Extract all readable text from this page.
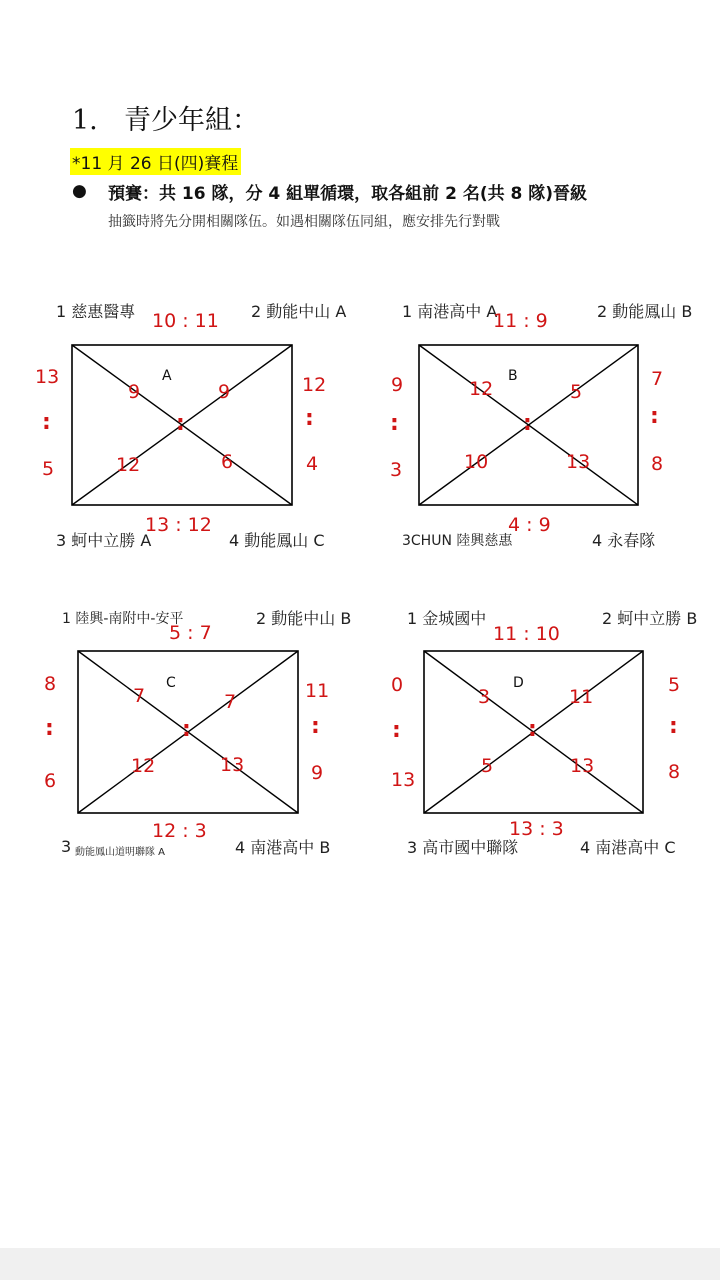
1. 青少年組：
*11 月 26 日(四)賽程
● 預賽：共 16 隊，分 4 組單循環，取各組前 2 名(共 8 隊)晉級
抽籤時將先分開相關隊伍。如遇相關隊伍同組，應安排先行對戰
1 慈惠醫專	2 動能中山 A
3 蚵中立勝 A	4 動能鳳山 C
A
10 : 11
13 : 12
13
:
5
12
:
4
9	9
12	6
:
1 南港高中 A	2 動能鳳山 B
3CHUN 陸興慈惠	4 永春隊
B
11 : 9
4 : 9
9
:
3
7
:
8
12	5
10	13
:
1 陸興-南附中-安平	2 動能中山 B
3 動能鳳山道明聯隊 A	4 南港高中 B
C
5 : 7
12 : 3
8
:
6
11
:
9
7	7
12	13
:
1 金城國中	2 蚵中立勝 B
3 高市國中聯隊	4 南港高中 C
D
11 : 10
13 : 3
0
:
13
5
:
8
3	11
5	13
:
